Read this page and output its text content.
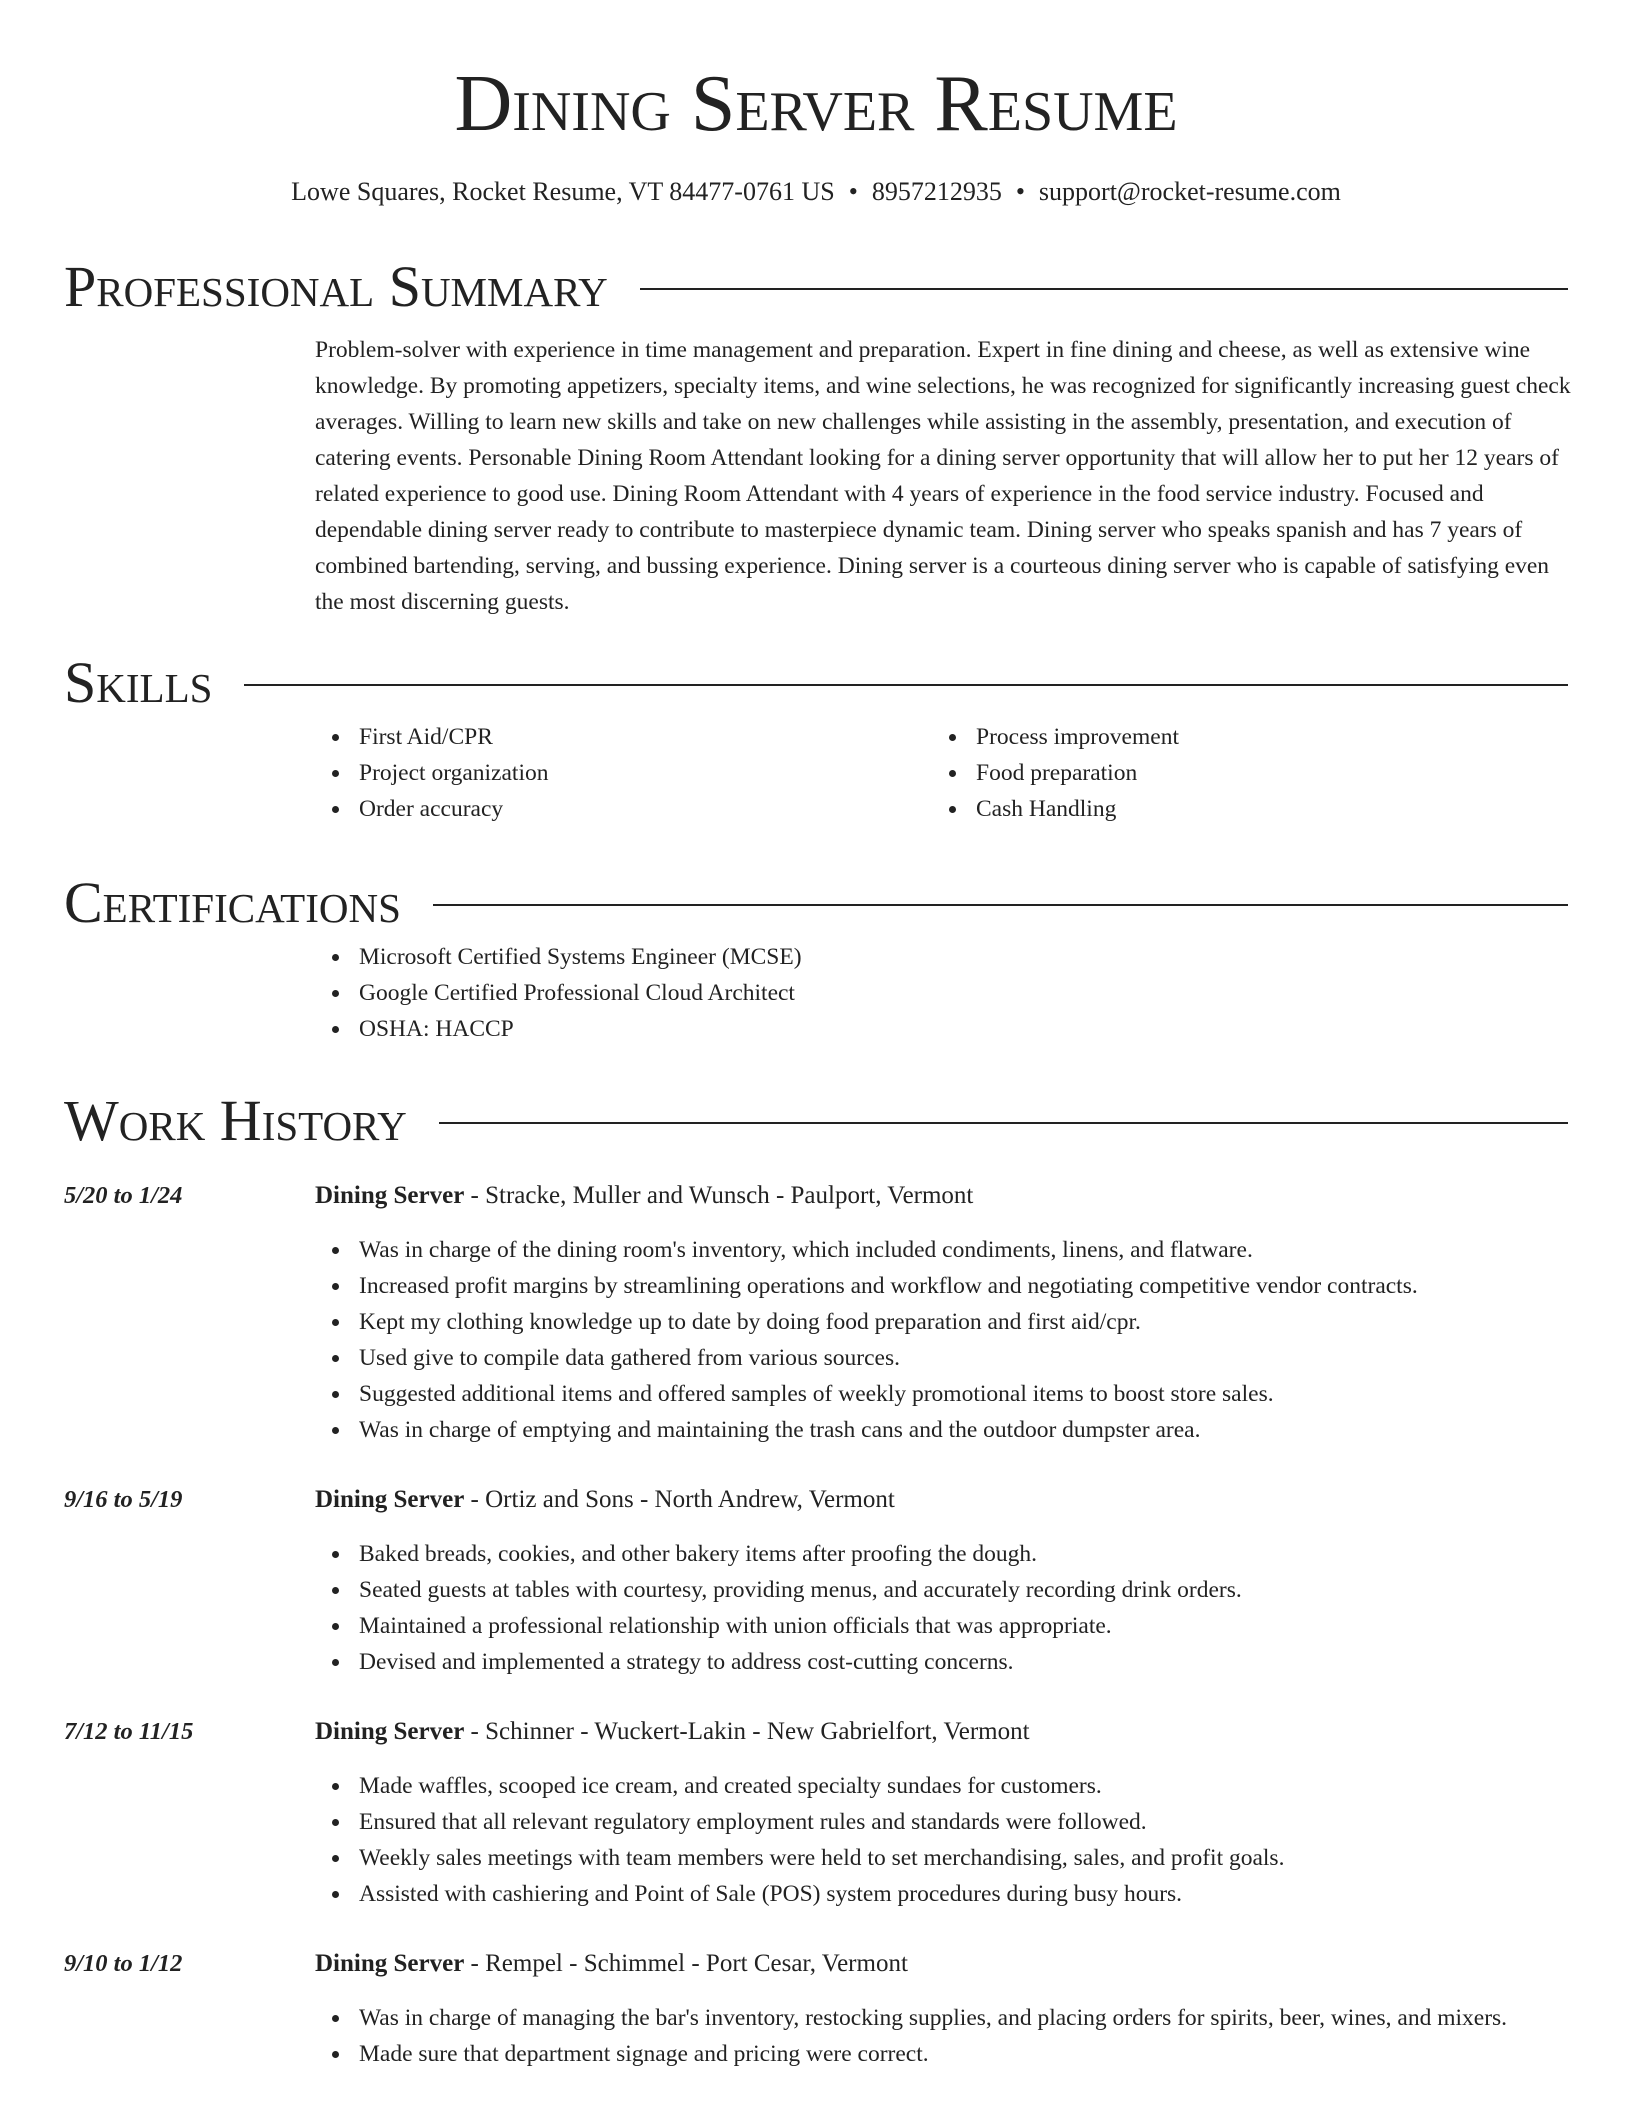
Dining Server Resume
Lowe Squares, Rocket Resume, VT 84477-0761 US • 8957212935 • support@rocket-resume.com
Professional Summary

Problem-solver with experience in time management and preparation. Expert in fine dining and cheese, as well as extensive wine knowledge. By promoting appetizers, specialty items, and wine selections, he was recognized for significantly increasing guest check averages. Willing to learn new skills and take on new challenges while assisting in the assembly, presentation, and execution of catering events. Personable Dining Room Attendant looking for a dining server opportunity that will allow her to put her 12 years of related experience to good use. Dining Room Attendant with 4 years of experience in the food service industry. Focused and dependable dining server ready to contribute to masterpiece dynamic team. Dining server who speaks spanish and has 7 years of combined bartending, serving, and bussing experience. Dining server is a courteous dining server who is capable of satisfying even the most discerning guests.

Skills
First Aid/CPR
Project organization
Order accuracy
Process improvement
Food preparation
Cash Handling
Certifications
Microsoft Certified Systems Engineer (MCSE)
Google Certified Professional Cloud Architect
OSHA: HACCP
Work History
5/20 to 1/24	Dining Server - Stracke, Muller and Wunsch - Paulport, Vermont
Was in charge of the dining room's inventory, which included condiments, linens, and flatware.
Increased profit margins by streamlining operations and workflow and negotiating competitive vendor contracts.
Kept my clothing knowledge up to date by doing food preparation and first aid/cpr.
Used give to compile data gathered from various sources.
Suggested additional items and offered samples of weekly promotional items to boost store sales.
Was in charge of emptying and maintaining the trash cans and the outdoor dumpster area.
9/16 to 5/19	Dining Server - Ortiz and Sons - North Andrew, Vermont
Baked breads, cookies, and other bakery items after proofing the dough.
Seated guests at tables with courtesy, providing menus, and accurately recording drink orders.
Maintained a professional relationship with union officials that was appropriate.
Devised and implemented a strategy to address cost-cutting concerns.
7/12 to 11/15	Dining Server - Schinner - Wuckert-Lakin - New Gabrielfort, Vermont
Made waffles, scooped ice cream, and created specialty sundaes for customers.
Ensured that all relevant regulatory employment rules and standards were followed.
Weekly sales meetings with team members were held to set merchandising, sales, and profit goals.
Assisted with cashiering and Point of Sale (POS) system procedures during busy hours.
9/10 to 1/12	Dining Server - Rempel - Schimmel - Port Cesar, Vermont
Was in charge of managing the bar's inventory, restocking supplies, and placing orders for spirits, beer, wines, and mixers.
Made sure that department signage and pricing were correct.
